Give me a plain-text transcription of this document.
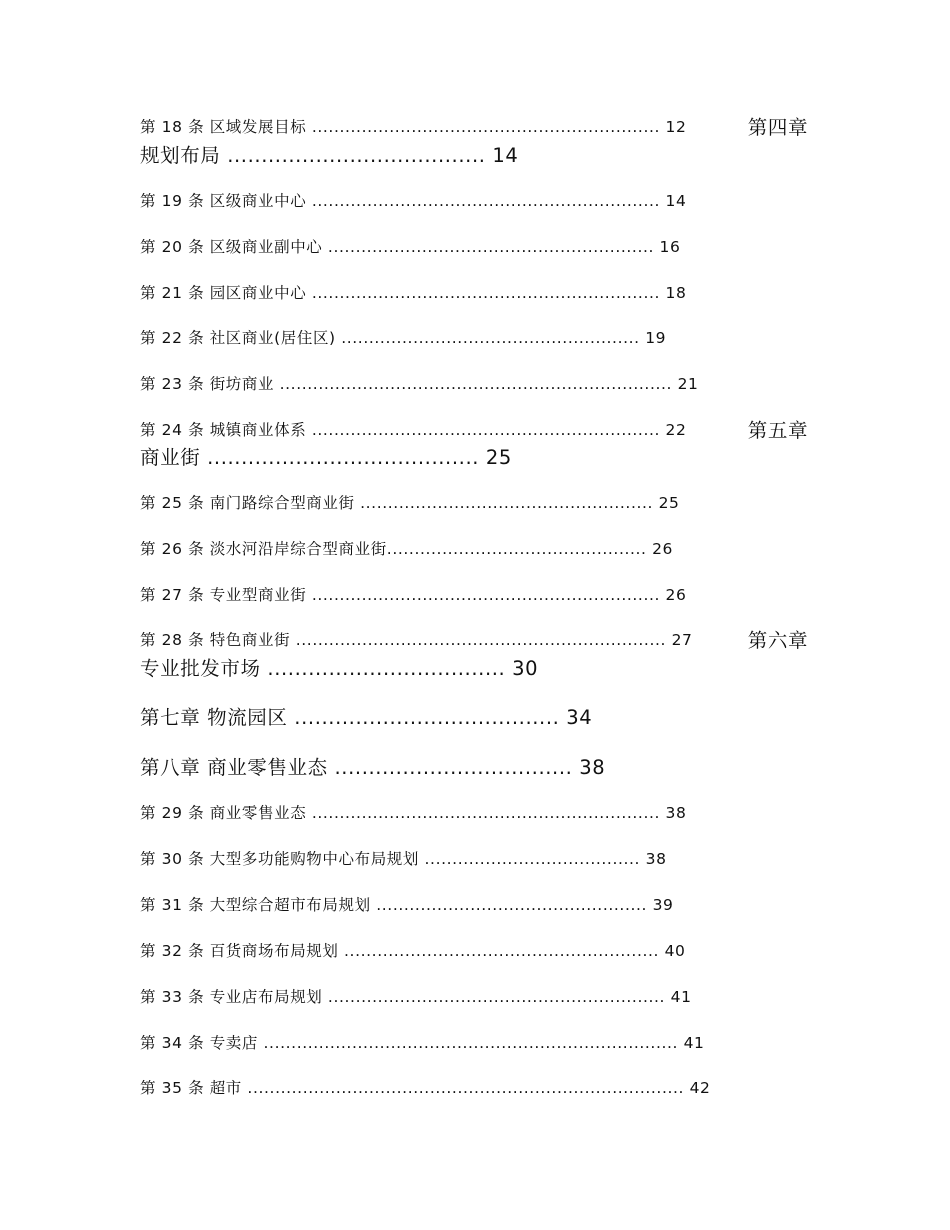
第 18 条 区域发展目标 ............................................................... 12	第四章
规划布局 ...................................... 14
第 19 条 区级商业中心 ............................................................... 14
第 20 条 区级商业副中心 ........................................................... 16
第 21 条 园区商业中心 ............................................................... 18
第 22 条 社区商业(居住区) ...................................................... 19
第 23 条 街坊商业 ....................................................................... 21
第 24 条 城镇商业体系 ............................................................... 22	第五章
商业街 ........................................ 25
第 25 条 南门路综合型商业街 ..................................................... 25
第 26 条 淡水河沿岸综合型商业街............................................... 26
第 27 条 专业型商业街 ............................................................... 26
第 28 条 特色商业街 ................................................................... 27 第六章
专业批发市场 ................................... 30
第七章 物流园区 ....................................... 34
第八章 商业零售业态 ................................... 38
第 29 条 商业零售业态 ............................................................... 38
第 30 条 大型多功能购物中心布局规划 ....................................... 38
第 31 条 大型综合超市布局规划 ................................................. 39
第 32 条 百货商场布局规划 ......................................................... 40
第 33 条 专业店布局规划 ............................................................. 41
第 34 条 专卖店 ........................................................................... 41
第 35 条 超市 ............................................................................... 42
